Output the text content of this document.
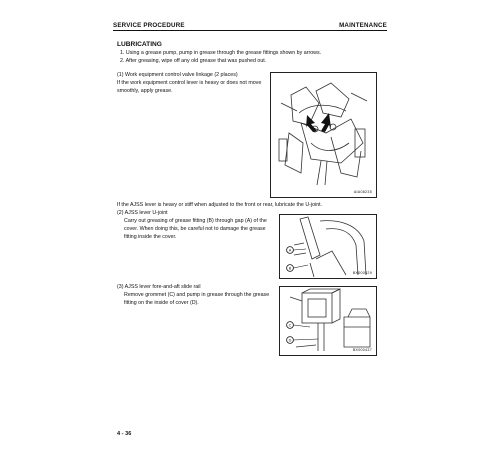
SERVICE PROCEDURE	MAINTENANCE
LUBRICATING
1. Using a grease pump, pump in grease through the grease fittings shown by arrows.
2. After greasing, wipe off any old grease that was pushed out.
(1) Work equipment control valve linkage (2 places)
If the work equipment control lever is heavy or does not move
smoothly, apply grease.
AIA08235
If the AJSS lever is heavy or stiff when adjusted to the front or rear, lubricate the U-joint.
(2) AJSS lever U-joint
Carry out greasing of grease fitting (B) through gap (A) of the
cover. When doing this, be careful not to damage the grease
fitting inside the cover.
A
B
BX000429
(3) AJSS lever fore-and-aft slide rail
Remove grommet (C) and pump in grease through the grease
fitting on the inside of cover (D).
C
D
BX000437
4 - 36
